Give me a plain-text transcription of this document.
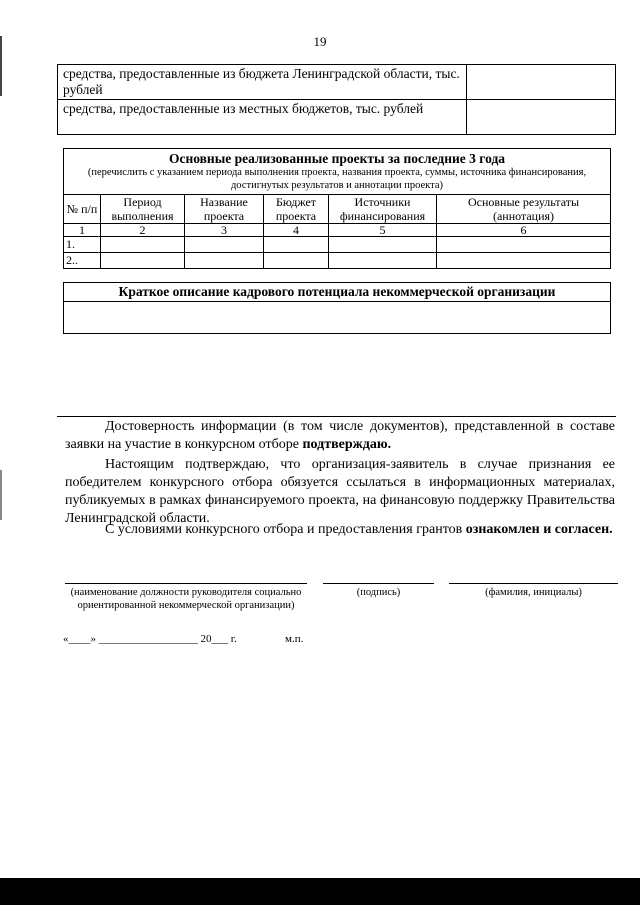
19
средства, предоставленные из бюджета Ленинградской области, тыс. рублей	
средства, предоставленные из местных бюджетов, тыс. рублей	
Основные реализованные проекты за последние 3 года
(перечислить с указанием периода выполнения проекта, названия проекта, суммы, источника финансирования, достигнутых результатов и аннотации проекта)					

№ п/п	Период выполнения	Название проекта	Бюджет проекта	Источники финансирования	Основные результаты (аннотация)
1	2	3	4	5	6
1.					
2..					
Краткое описание кадрового потенциала некоммерческой организации

Достоверность информации (в том числе документов), представленной в составе заявки на участие в конкурсном отборе подтверждаю.
Настоящим подтверждаю, что организация-заявитель в случае признания ее победителем конкурсного отбора обязуется ссылаться в информационных материалах, публикуемых в рамках финансируемого проекта, на финансовую поддержку Правительства Ленинградской области.
С условиями конкурсного отбора и предоставления грантов ознакомлен и согласен.
(наименование должности руководителя социально ориентированной некоммерческой организации)
(подпись)	(фамилия, инициалы)
«____» __________________ 20___ г.	м.п.
